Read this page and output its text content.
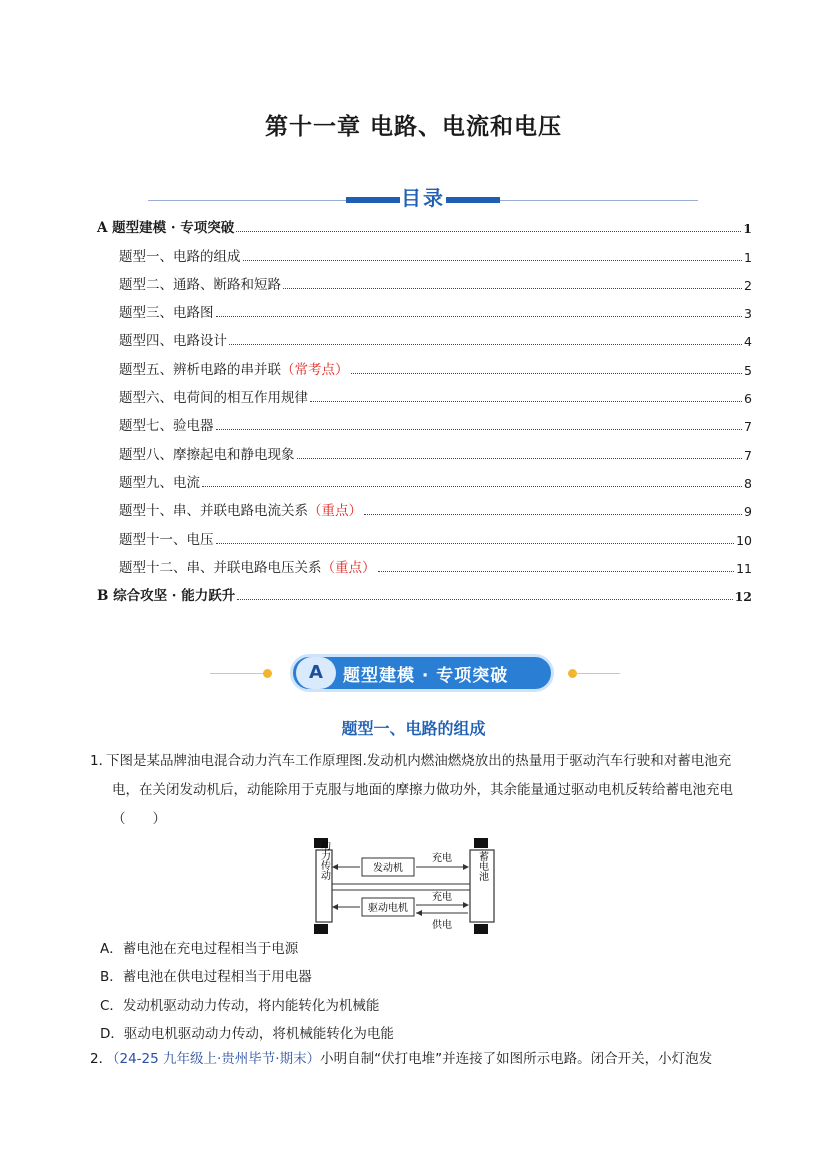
第十一章 电路、电流和电压
目录
A 题型建模 · 专项突破	1
题型一、电路的组成	1
题型二、通路、断路和短路	2
题型三、电路图	3
题型四、电路设计	4
题型五、辨析电路的串并联 （常考点）	5
题型六、电荷间的相互作用规律	6
题型七、验电器	7
题型八、摩擦起电和静电现象	7
题型九、电流	8
题型十、串、并联电路电流关系 （重点）	9
题型十一、电压	10
题型十二、串、并联电路电压关系 （重点）	11
B 综合攻坚 · 能力跃升	12
A	题型建模 · 专项突破
题型一、电路的组成
1．
下图是某品牌油电混合动力汽车工作原理图.发动机内燃油燃烧放出的热量用于驱动汽车行驶和对蓄电池充电，在关闭发动机后，动能除用于克服与地面的摩擦力做功外，其余能量通过驱动电机反转给蓄电池充电（　　）
动力传动	蓄电池
发动机
驱动电机
充电
充电
供电
A．蓄电池在充电过程相当于电源
B．蓄电池在供电过程相当于用电器
C．发动机驱动动力传动，将内能转化为机械能
D．驱动电机驱动动力传动，将机械能转化为电能
2．
（24-25 九年级上·贵州毕节·期末）小明自制“伏打电堆”并连接了如图所示电路。闭合开关，小灯泡发
